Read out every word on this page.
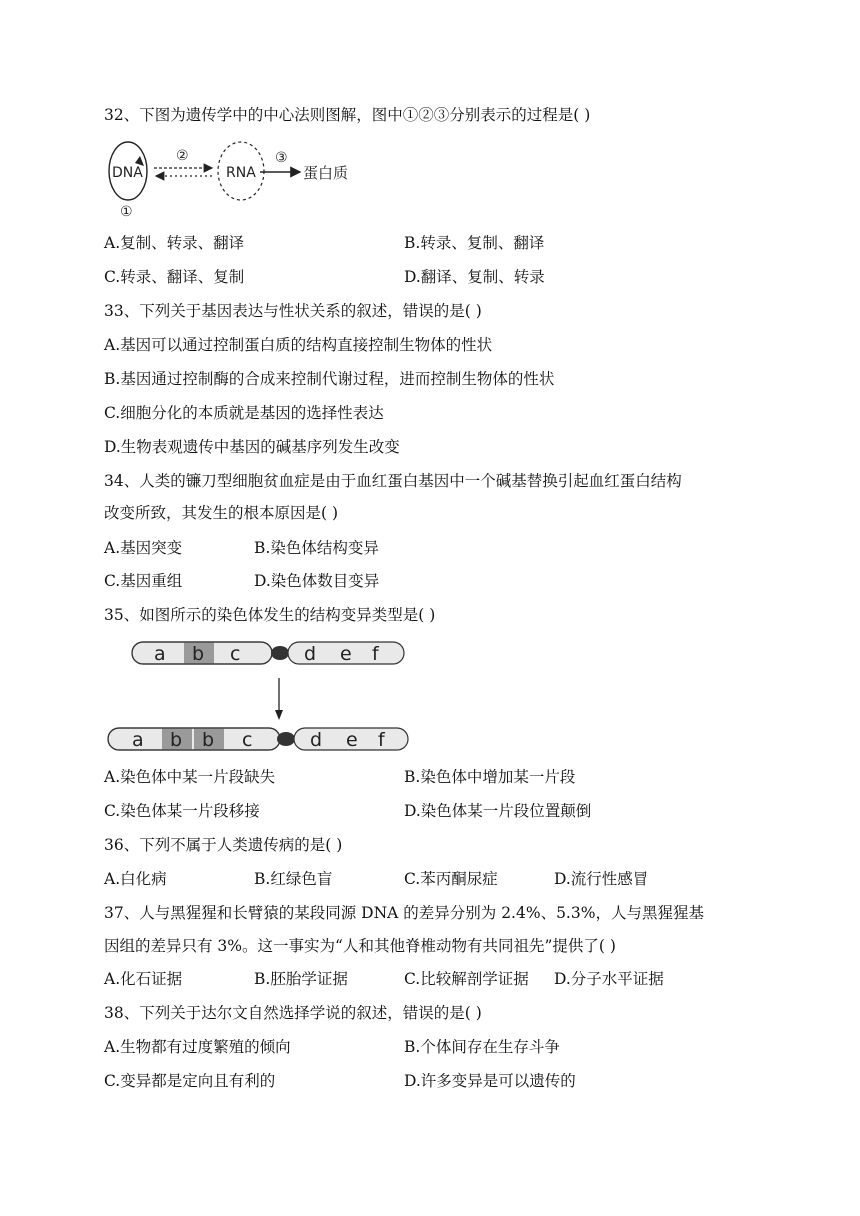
32、下图为遗传学中的中心法则图解，图中①②③分别表示的过程是( )
DNA
①
②
RNA
③
蛋白质
A.复制、转录、翻译	B.转录、复制、翻译
C.转录、翻译、复制	D.翻译、复制、转录
33、下列关于基因表达与性状关系的叙述，错误的是( )
A.基因可以通过控制蛋白质的结构直接控制生物体的性状
B.基因通过控制酶的合成来控制代谢过程，进而控制生物体的性状
C.细胞分化的本质就是基因的选择性表达
D.生物表观遗传中基因的碱基序列发生改变
34、人类的镰刀型细胞贫血症是由于血红蛋白基因中一个碱基替换引起血红蛋白结构
改变所致，其发生的根本原因是( )
A.基因突变	B.染色体结构变异
C.基因重组	D.染色体数目变异
35、如图所示的染色体发生的结构变异类型是( )
a b c	d e f
a b b c	d e f
A.染色体中某一片段缺失	B.染色体中增加某一片段
C.染色体某一片段移接	D.染色体某一片段位置颠倒
36、下列不属于人类遗传病的是( )
A.白化病	B.红绿色盲	C.苯丙酮尿症	D.流行性感冒
37、人与黑猩猩和长臂猿的某段同源 DNA 的差异分别为 2.4%、5.3%，人与黑猩猩基
因组的差异只有 3%。这一事实为“人和其他脊椎动物有共同祖先”提供了( )
A.化石证据	B.胚胎学证据	C.比较解剖学证据 D.分子水平证据
38、下列关于达尔文自然选择学说的叙述，错误的是( )
A.生物都有过度繁殖的倾向	B.个体间存在生存斗争
C.变异都是定向且有利的	D.许多变异是可以遗传的
